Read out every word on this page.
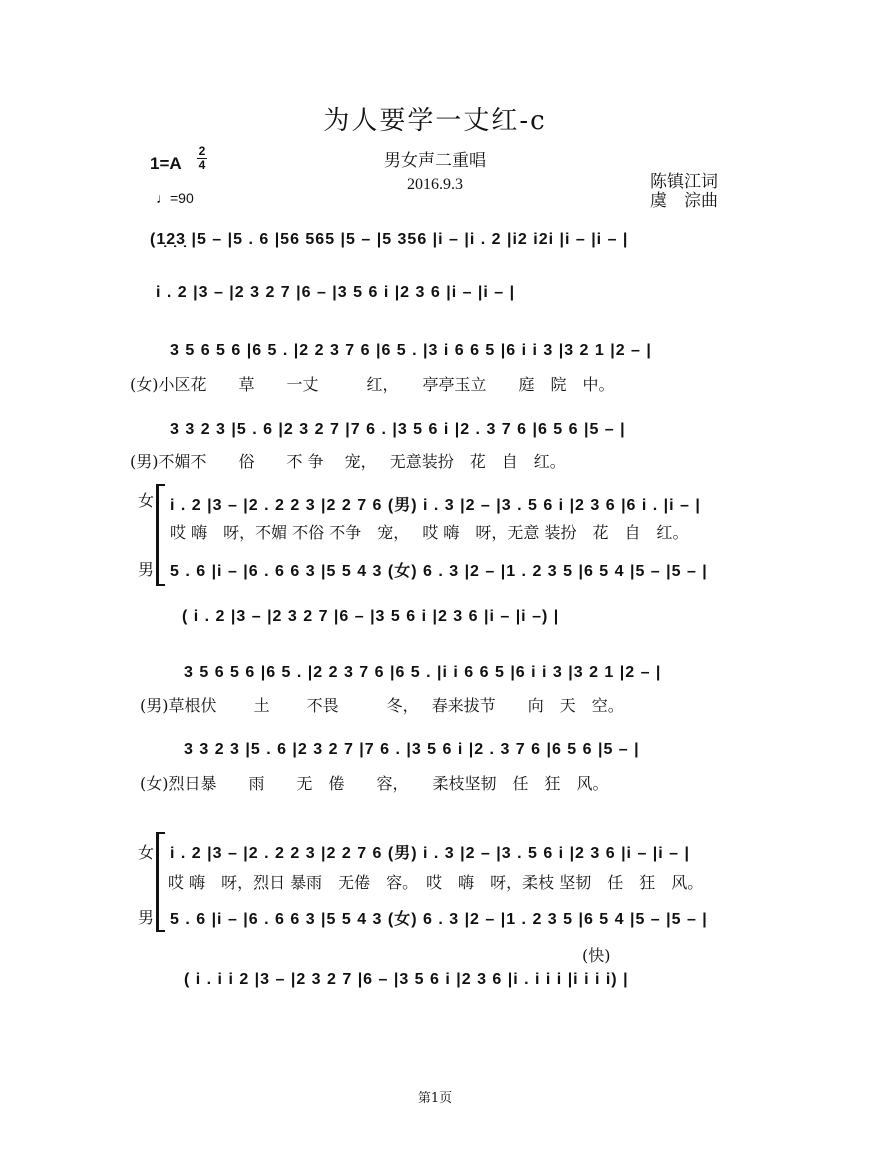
为人要学一丈红-c
男女声二重唱
2016.9.3
1=A
2
4
♩=90
陈镇江词
虞　淙曲
(1̣2̣3̣ |5 – |5 . 6 |56 565 |5 – |5 356 |i – |i . 2 |i2 i2i |i – |i – |
i . 2 |3 – |2 3 2 7 |6 – |3 5 6 i |2 3 6 |i – |i – |
3 5 6 5 6 |6 5 . |2 2 3 7 6 |6 5 . |3 i 6 6 5 |6 i i 3 |3 2 1 |2 – |
(女)小区花　　草　　一丈　　　红，　　亭亭玉立　　庭　院　中。
3 3 2 3 |5 . 6 |2 3 2 7 |7 6 . |3 5 6 i |2 . 3 7 6 |6 5 6 |5 – |
(男)不媚不　　俗　　不 争　 宠，　 无意装扮　花　自　红。
女 i . 2 |3 – |2 . 2 2 3 |2 2 7 6 (男) i . 3 |2 – |3 . 5 6 i |2 3 6 |6 i . |i – |
哎 嗨　呀，不媚 不俗 不争　宠，　 哎 嗨　呀，无意 装扮　花　自　红。
男 5 . 6 |i – |6 . 6 6 3 |5 5 4 3 (女) 6 . 3 |2 – |1 . 2 3 5 |6 5 4 |5 – |5 – |
( i . 2 |3 – |2 3 2 7 |6 – |3 5 6 i |2 3 6 |i – |i –) |
3 5 6 5 6 |6 5 . |2 2 3 7 6 |6 5 . |i i 6 6 5 |6 i i 3 |3 2 1 |2 – |
(男)草根伏　　 土　　 不畏　　　冬，　 春来拔节　　向　天　空。
3 3 2 3 |5 . 6 |2 3 2 7 |7 6 . |3 5 6 i |2 . 3 7 6 |6 5 6 |5 – |
(女)烈日暴　　雨　　无　倦　　容，　　柔枝坚韧　任　狂　风。
女 i . 2 |3 – |2 . 2 2 3 |2 2 7 6 (男) i . 3 |2 – |3 . 5 6 i |2 3 6 |i – |i – |
哎 嗨　呀，烈日 暴雨　无倦　容。　哎　嗨　呀，柔枝 坚韧　任　狂　风。
男 5 . 6 |i – |6 . 6 6 3 |5 5 4 3 (女) 6 . 3 |2 – |1 . 2 3 5 |6 5 4 |5 – |5 – |
(快)
( i . i i 2 |3 – |2 3 2 7 |6 – |3 5 6 i |2 3 6 |i . i i i |i i i i) |
第1页
